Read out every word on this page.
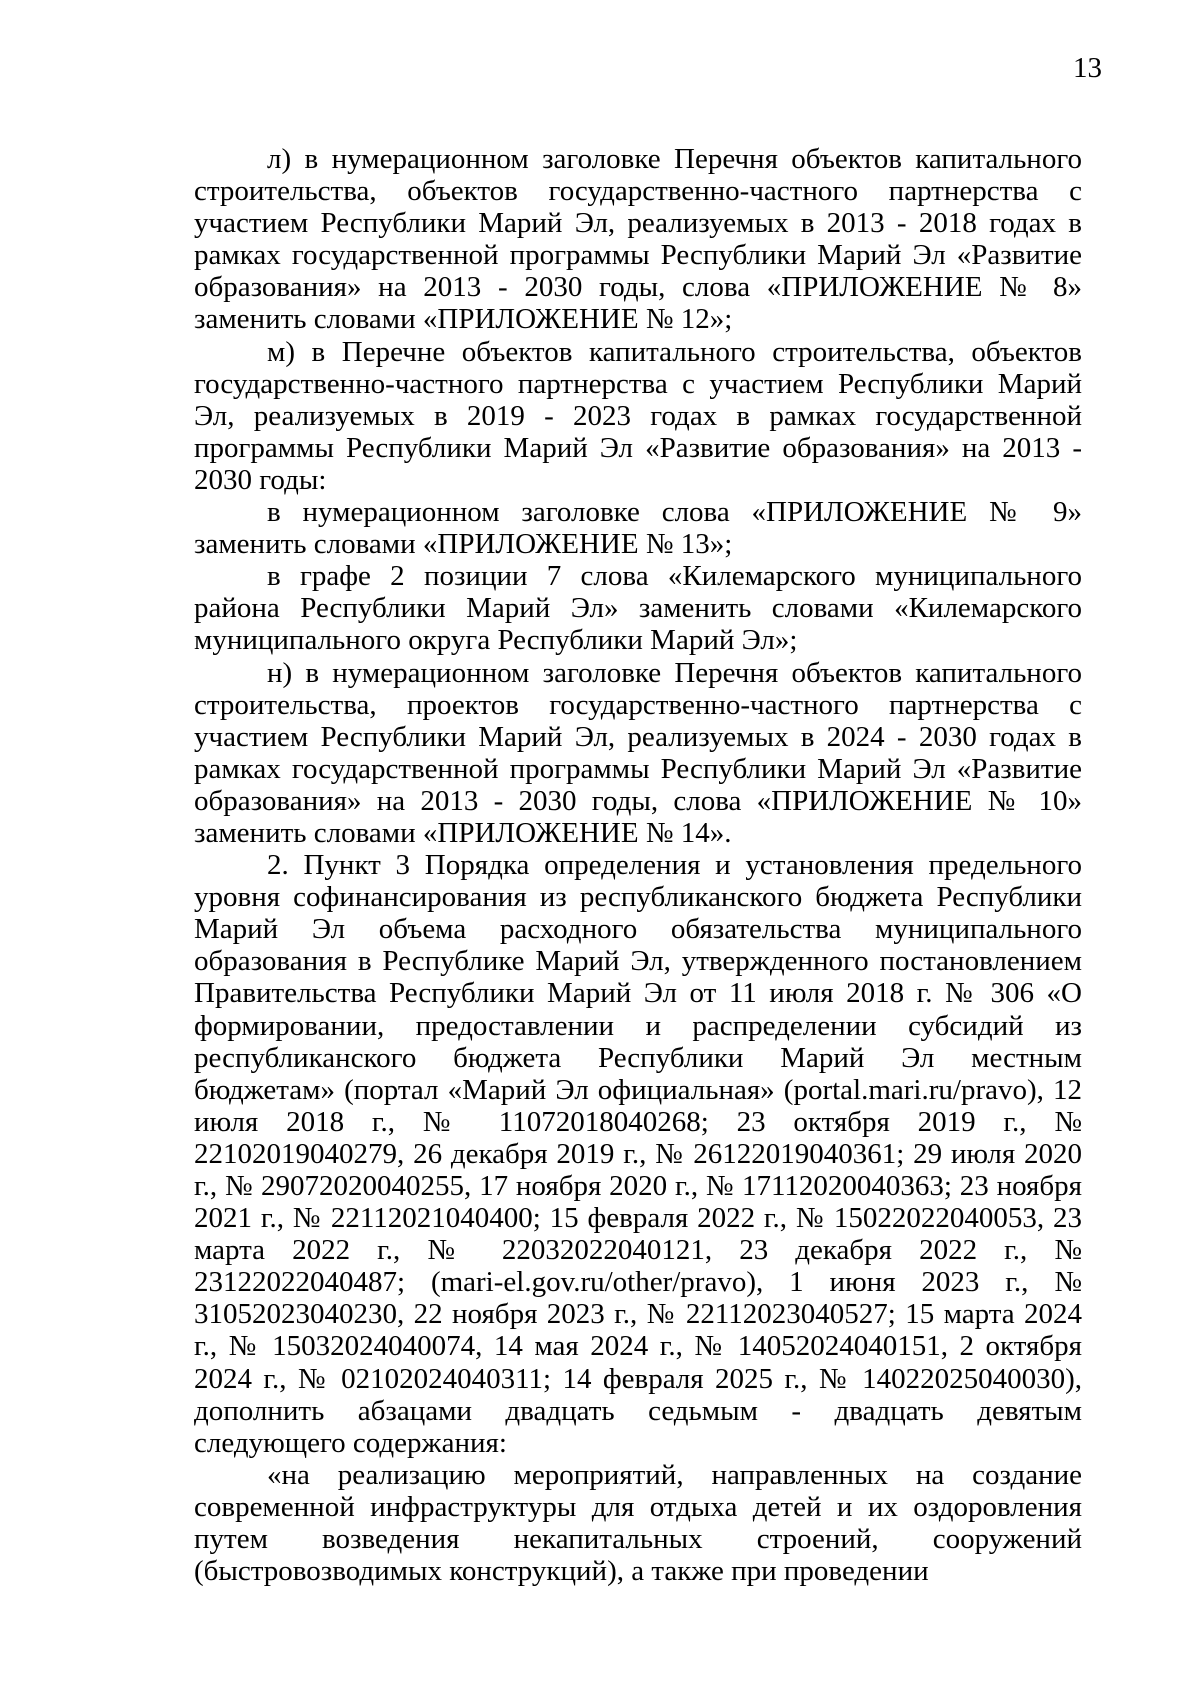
13

л) в нумерационном заголовке Перечня объектов капитального строительства, объектов государственно-частного партнерства с участием Республики Марий Эл, реализуемых в 2013 - 2018 годах в рамках государственной программы Республики Марий Эл «Развитие образования» на 2013 - 2030 годы, слова «ПРИЛОЖЕНИЕ № 8» заменить словами «ПРИЛОЖЕНИЕ № 12»;

м) в Перечне объектов капитального строительства, объектов государственно-частного партнерства с участием Республики Марий Эл, реализуемых в 2019 - 2023 годах в рамках государственной программы Республики Марий Эл «Развитие образования» на 2013 - 2030 годы:

в нумерационном заголовке слова «ПРИЛОЖЕНИЕ № 9» заменить словами «ПРИЛОЖЕНИЕ № 13»;

в графе 2 позиции 7 слова «Килемарского муниципального района Республики Марий Эл» заменить словами «Килемарского муниципального округа Республики Марий Эл»;

н) в нумерационном заголовке Перечня объектов капитального строительства, проектов государственно-частного партнерства с участием Республики Марий Эл, реализуемых в 2024 - 2030 годах в рамках государственной программы Республики Марий Эл «Развитие образования» на 2013 - 2030 годы, слова «ПРИЛОЖЕНИЕ № 10» заменить словами «ПРИЛОЖЕНИЕ № 14».

2. Пункт 3 Порядка определения и установления предельного уровня софинансирования из республиканского бюджета Республики Марий Эл объема расходного обязательства муниципального образования в Республике Марий Эл, утвержденного постановлением Правительства Республики Марий Эл от 11 июля 2018 г. № 306 «О формировании, предоставлении и распределении субсидий из республиканского бюджета Республики Марий Эл местным бюджетам» (портал «Марий Эл официальная» (portal.mari.ru/pravo), 12 июля 2018 г., № 11072018040268; 23 октября 2019 г., № 22102019040279, 26 декабря 2019 г., № 26122019040361; 29 июля 2020 г., № 29072020040255, 17 ноября 2020 г., № 17112020040363; 23 ноября 2021 г., № 22112021040400; 15 февраля 2022 г., № 15022022040053, 23 марта 2022 г., № 22032022040121, 23 декабря 2022 г., № 23122022040487; (mari-el.gov.ru/other/pravo), 1 июня 2023 г., № 31052023040230, 22 ноября 2023 г., № 22112023040527; 15 марта 2024 г., № 15032024040074, 14 мая 2024 г., № 14052024040151, 2 октября 2024 г., № 02102024040311; 14 февраля 2025 г., № 14022025040030), дополнить абзацами двадцать седьмым - двадцать девятым следующего содержания:

«на реализацию мероприятий, направленных на создание современной инфраструктуры для отдыха детей и их оздоровления путем возведения некапитальных строений, сооружений (быстровозводимых конструкций), а также при проведении
